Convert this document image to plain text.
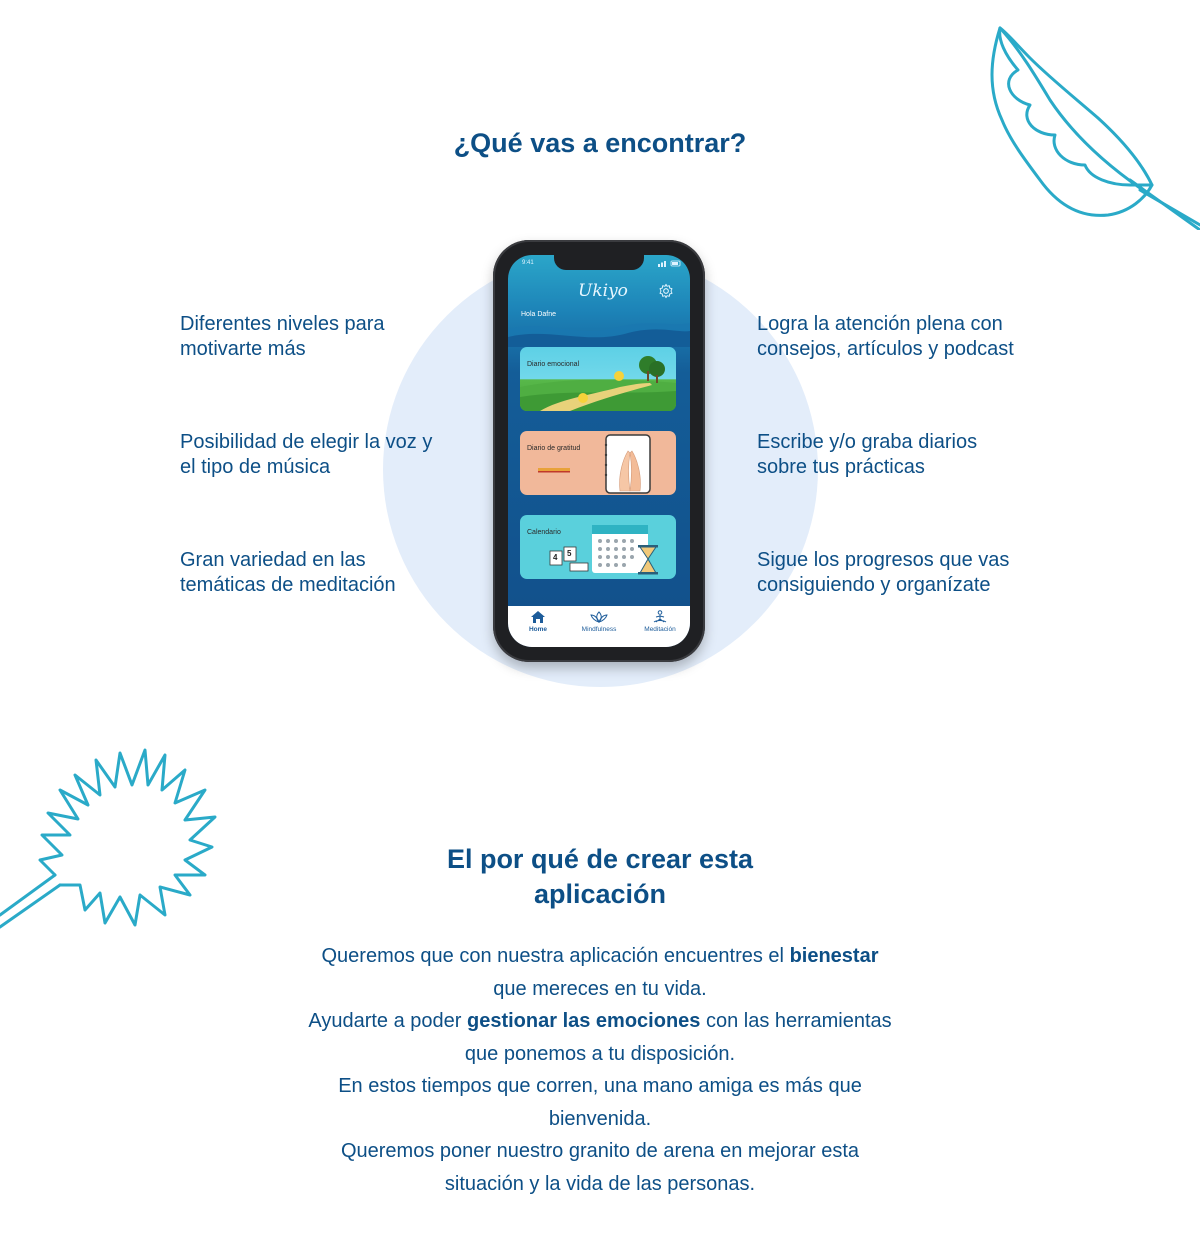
¿Qué vas a encontrar?
Diferentes niveles para
motivarte más
Posibilidad de elegir la voz y
el tipo de música
Gran variedad en las
temáticas de meditación
Logra la atención plena con
consejos, artículos y podcast
Escribe y/o graba diarios
sobre tus prácticas
Sigue los progresos que vas
consiguiendo y organízate
9:41
Ukiyo
Hola Dafne
Diario emocional
Diario de gratitud
Calendario
4 5
Home	Mindfulness	Meditación
El por qué de crear esta
aplicación
Queremos que con nuestra aplicación encuentres el bienestar
que mereces en tu vida.
Ayudarte a poder gestionar las emociones con las herramientas
que ponemos a tu disposición.
En estos tiempos que corren, una mano amiga es más que
bienvenida.
Queremos poner nuestro granito de arena en mejorar esta
situación y la vida de las personas.
